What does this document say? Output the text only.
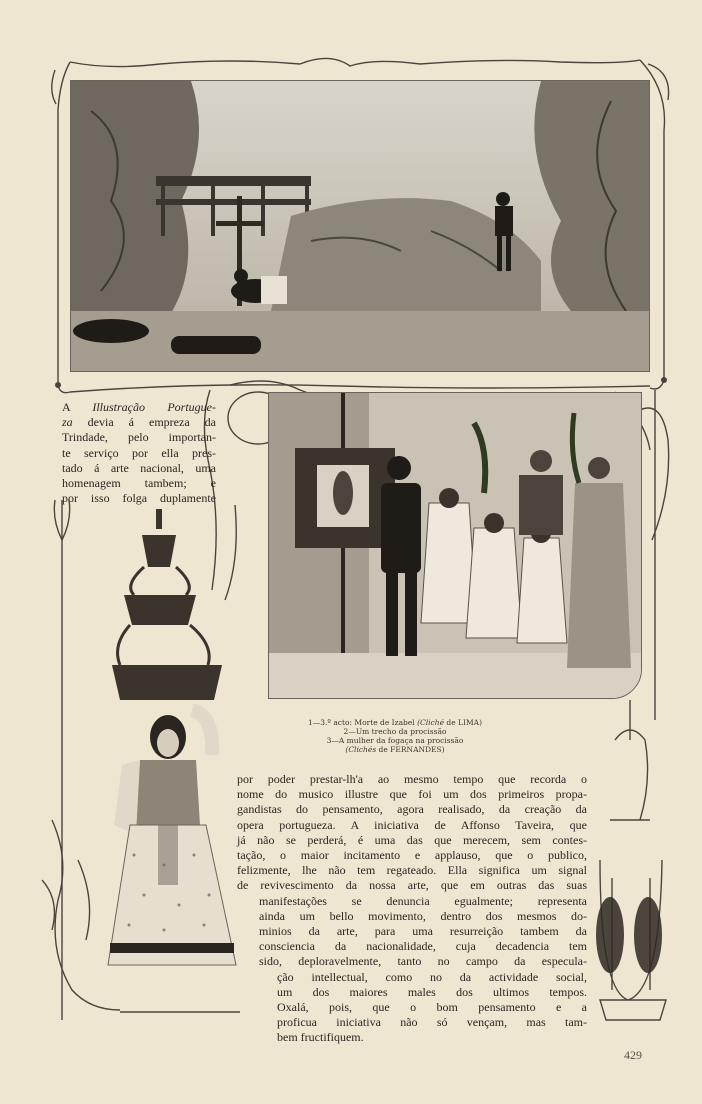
A Illustração Portugue-
za devia á empreza da
Trindade, pelo importan-
te serviço por ella pres-
tado á arte nacional, uma
homenagem tambem; e
por isso folga duplamente
1—3.º acto: Morte de Izabel (Cliché de LIMA)
2—Um trecho da procissão
3—A mulher da fogaça na procissão
(Clichés de FERNANDES)
por poder prestar-lh'a ao mesmo tempo que recorda o
nome do musico illustre que foi um dos primeiros propa-
gandistas do pensamento, agora realisado, da creação da
opera portugueza. A iniciativa de Affonso Taveira, que
já não se perderá, é uma das que merecem, sem contes-
tação, o maior incitamento e applauso, que o publico,
felizmente, lhe não tem regateado. Ella significa um signal
de revivescimento da nossa arte, que em outras das suas
manifestações se denuncia egualmente; representa
ainda um bello movimento, dentro dos mesmos do-
minios da arte, para uma resurreição tambem da
consciencia da nacionalidade, cuja decadencia tem
sido, deploravelmente, tanto no campo da especula-
ção intellectual, como no da actividade social,
um dos maiores males dos ultimos tempos.
Oxalá, pois, que o bom pensamento e a
proficua iniciativa não só vençam, mas tam-
bem fructifiquem.
429
